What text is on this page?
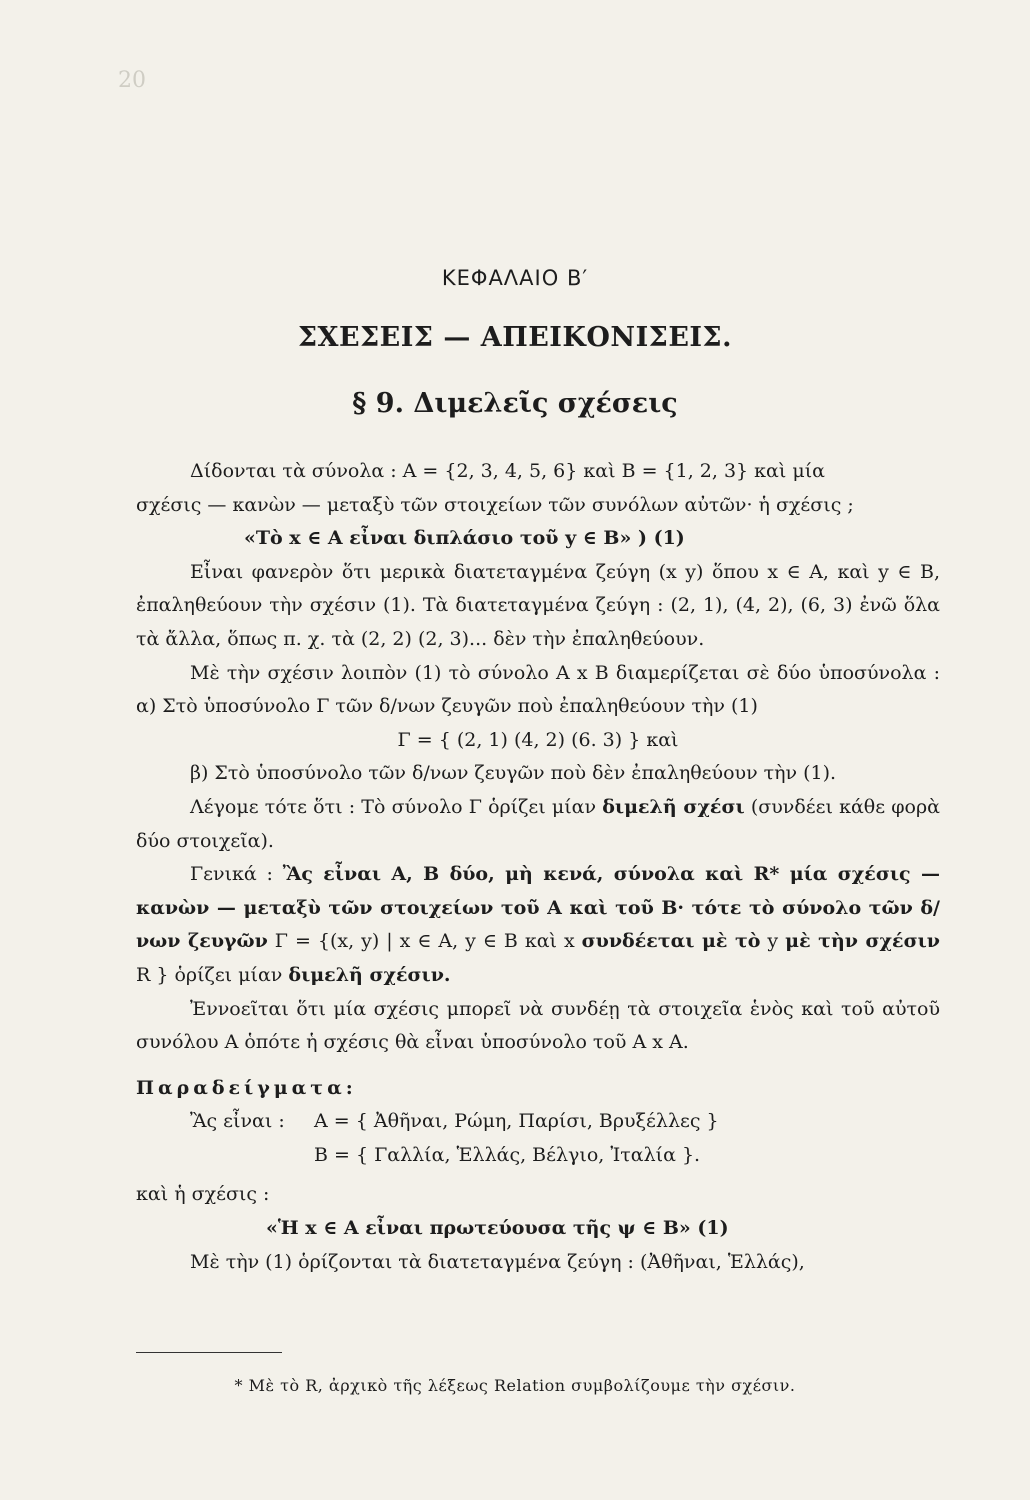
20
ΚΕΦΑΛΑΙΟ Β′
ΣΧΕΣΕΙΣ — ΑΠΕΙΚΟΝΙΣΕΙΣ.
§ 9. Διμελεῖς σχέσεις

Δίδονται τὰ σύνολα : Α = {2, 3, 4, 5, 6} καὶ Β = {1, 2, 3} καὶ μία

σχέσις — κανὼν — μεταξὺ τῶν στοιχείων τῶν συνόλων αὐτῶν· ἡ σχέσις ;

«Τὸ x ∈ Α εἶναι διπλάσιο τοῦ y ∈ Β» ) (1)

Εἶναι φανερὸν ὅτι μερικὰ διατεταγμένα ζεύγη (x y) ὅπου x ∈ Α, καὶ y ∈ Β, ἐπαληθεύουν τὴν σχέσιν (1). Τὰ διατεταγμένα ζεύγη : (2, 1), (4, 2), (6, 3) ἐνῶ ὅλα τὰ ἄλλα, ὅπως π. χ. τὰ (2, 2) (2, 3)... δὲν τὴν ἐπαληθεύουν.

Μὲ τὴν σχέσιν λοιπὸν (1) τὸ σύνολο Α x Β διαμερίζεται σὲ δύο ὑποσύνολα : α) Στὸ ὑποσύνολο Γ τῶν δ/νων ζευγῶν ποὺ ἐπαληθεύουν τὴν (1)

Γ = { (2, 1) (4, 2) (6. 3) } καὶ

β) Στὸ ὑποσύνολο τῶν δ/νων ζευγῶν ποὺ δὲν ἐπαληθεύουν τὴν (1).

Λέγομε τότε ὅτι : Τὸ σύνολο Γ ὁρίζει μίαν διμελῆ σχέσι (συνδέει κάθε φορὰ δύο στοιχεῖα).

Γενικά : Ἂς εἶναι Α, Β δύο, μὴ κενά, σύνολα καὶ R* μία σχέσις — κανὼν — μεταξὺ τῶν στοιχείων τοῦ Α καὶ τοῦ Β· τότε τὸ σύνολο τῶν δ/νων ζευγῶν Γ = {(x, y) | x ∈ Α, y ∈ Β καὶ x συνδέεται μὲ τὸ y μὲ τὴν σχέσιν R } ὁρίζει μίαν διμελῆ σχέσιν.

Ἐννοεῖται ὅτι μία σχέσις μπορεῖ νὰ συνδέῃ τὰ στοιχεῖα ἑνὸς καὶ τοῦ αὐτοῦ συνόλου Α ὁπότε ἡ σχέσις θὰ εἶναι ὑποσύνολο τοῦ Α x Α.

Παραδείγματα:

Ἂς εἶναι :	Α = { Ἀθῆναι, Ρώμη, Παρίσι, Βρυξέλλες }
Β = { Γαλλία, Ἑλλάς, Βέλγιο, Ἰταλία }.

καὶ ἡ σχέσις :

«Ἡ x ∈ Α εἶναι πρωτεύουσα τῆς ψ ∈ Β» (1)

Μὲ τὴν (1) ὁρίζονται τὰ διατεταγμένα ζεύγη : (Ἀθῆναι, Ἑλλάς),

* Μὲ τὸ R, ἀρχικὸ τῆς λέξεως Relation συμβολίζουμε τὴν σχέσιν.
